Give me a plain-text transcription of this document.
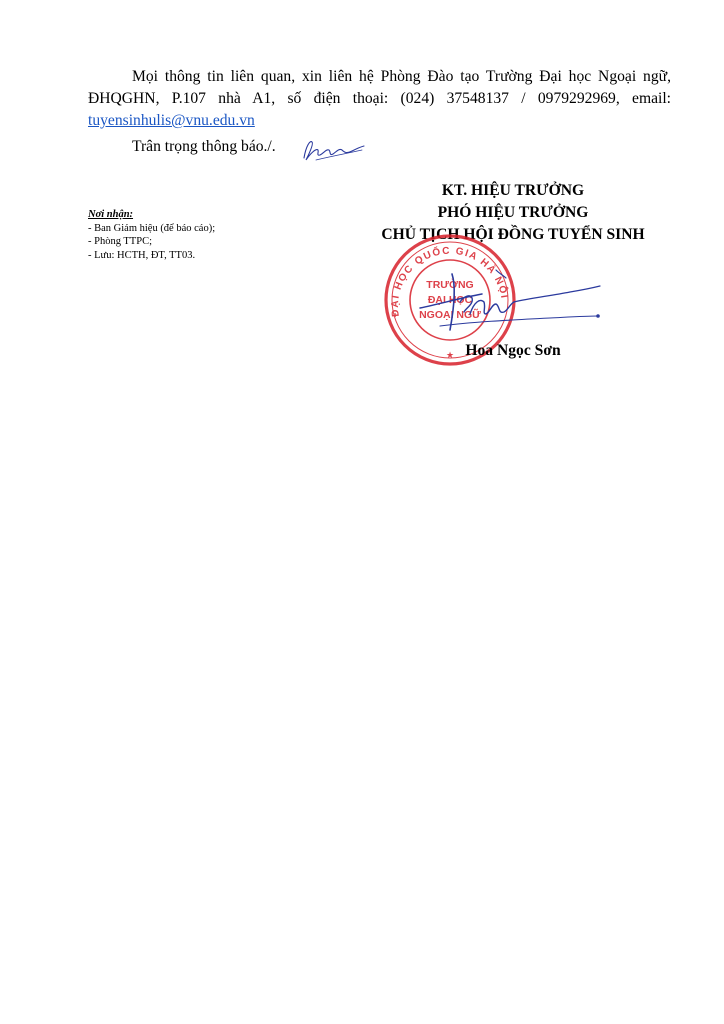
Mọi thông tin liên quan, xin liên hệ Phòng Đào tạo Trường Đại học Ngoại ngữ, ĐHQGHN, P.107 nhà A1, số điện thoại: (024) 37548137 / 0979292969, email: tuyensinhulis@vnu.edu.vn
Trân trọng thông báo./.
Nơi nhận:
- Ban Giám hiệu (để báo cáo);
- Phòng TTPC;
- Lưu: HCTH, ĐT, TT03.
KT. HIỆU TRƯỞNG
PHÓ HIỆU TRƯỞNG
CHỦ TỊCH HỘI ĐỒNG TUYỂN SINH
ĐẠI HỌC QUỐC GIA HÀ NỘI
TRƯỜNG
ĐẠI HỌC
NGOẠI NGỮ
★ Hoa Ngọc Sơn
